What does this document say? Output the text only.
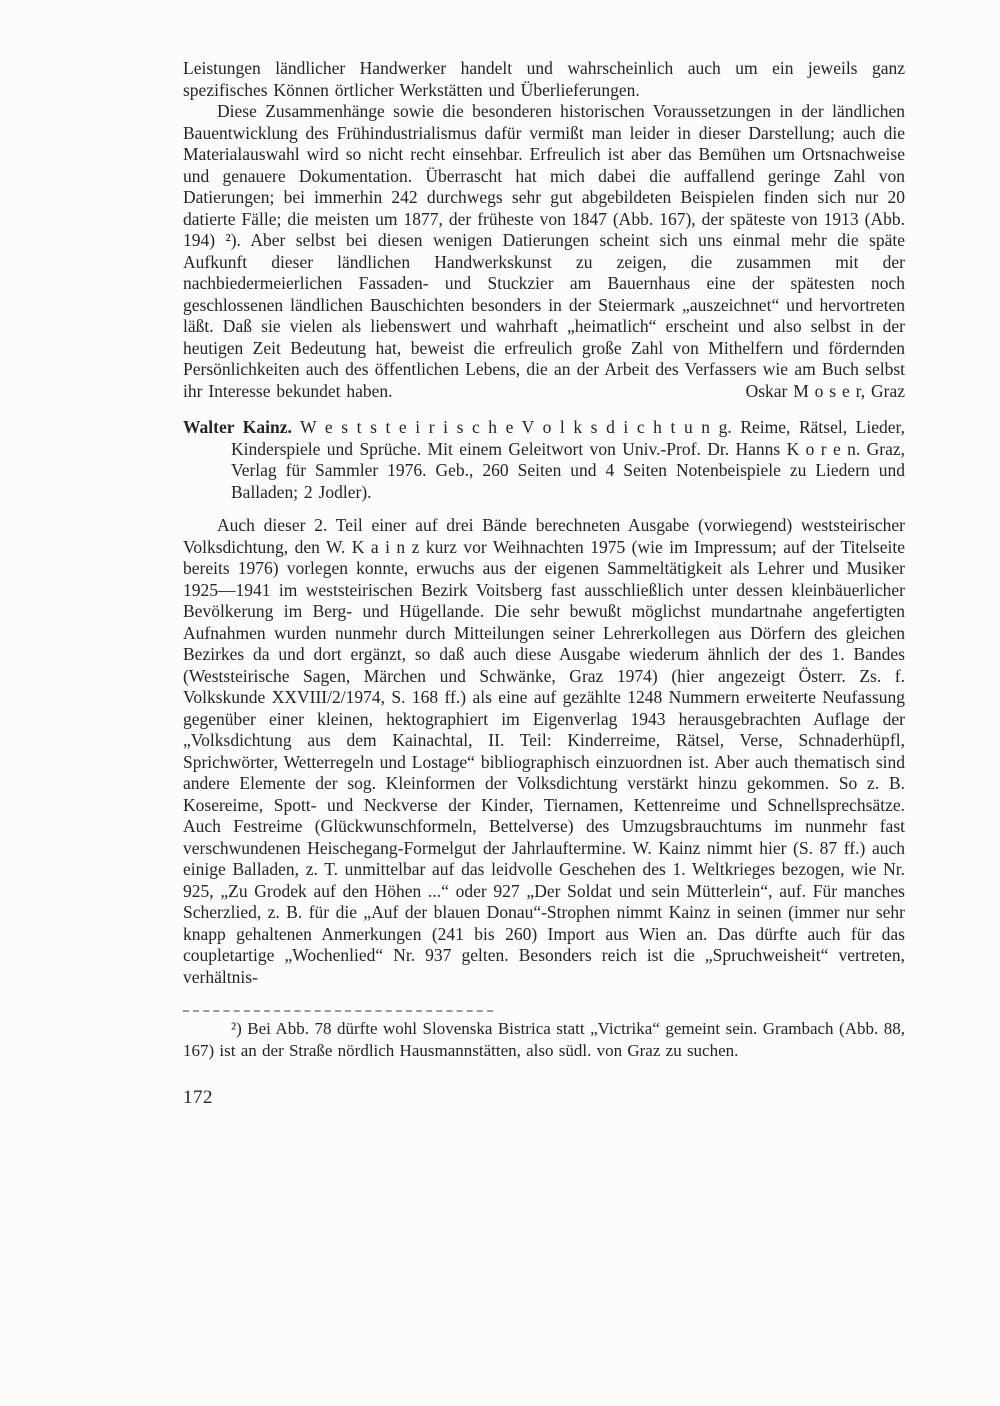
Leistungen ländlicher Handwerker handelt und wahrscheinlich auch um ein jeweils ganz spezifisches Können örtlicher Werkstätten und Überlieferungen.

Diese Zusammenhänge sowie die besonderen historischen Voraussetzungen in der ländlichen Bauentwicklung des Frühindustrialismus dafür vermißt man leider in dieser Darstellung; auch die Materialauswahl wird so nicht recht einsehbar. Erfreulich ist aber das Bemühen um Ortsnachweise und genauere Dokumentation. Überrascht hat mich dabei die auffallend geringe Zahl von Datierungen; bei immerhin 242 durchwegs sehr gut abgebildeten Beispielen finden sich nur 20 datierte Fälle; die meisten um 1877, der früheste von 1847 (Abb. 167), der späteste von 1913 (Abb. 194) ²). Aber selbst bei diesen wenigen Datierungen scheint sich uns einmal mehr die späte Aufkunft dieser ländlichen Handwerkskunst zu zeigen, die zusammen mit der nachbiedermeierlichen Fassaden- und Stuckzier am Bauernhaus eine der spätesten noch geschlossenen ländlichen Bauschichten besonders in der Steiermark „auszeichnet“ und hervortreten läßt. Daß sie vielen als liebenswert und wahrhaft „heimatlich“ erscheint und also selbst in der heutigen Zeit Bedeutung hat, beweist die erfreulich große Zahl von Mithelfern und fördernden Persönlichkeiten auch des öffentlichen Lebens, die an der Arbeit des Verfassers wie am Buch selbst ihr Interesse bekundet haben.	Oskar M o s e r, Graz

Walter Kainz. W e s t s t e i r i s c h e V o l k s d i c h t u n g. Reime, Rätsel, Lieder, Kinderspiele und Sprüche. Mit einem Geleitwort von Univ.-Prof. Dr. Hanns K o r e n. Graz, Verlag für Sammler 1976. Geb., 260 Seiten und 4 Seiten Notenbeispiele zu Liedern und Balladen; 2 Jodler).

Auch dieser 2. Teil einer auf drei Bände berechneten Ausgabe (vorwiegend) weststeirischer Volksdichtung, den W. K a i n z kurz vor Weihnachten 1975 (wie im Impressum; auf der Titelseite bereits 1976) vorlegen konnte, erwuchs aus der eigenen Sammeltätigkeit als Lehrer und Musiker 1925—1941 im weststeirischen Bezirk Voitsberg fast ausschließlich unter dessen kleinbäuerlicher Bevölkerung im Berg- und Hügellande. Die sehr bewußt möglichst mundartnahe angefertigten Aufnahmen wurden nunmehr durch Mitteilungen seiner Lehrerkollegen aus Dörfern des gleichen Bezirkes da und dort ergänzt, so daß auch diese Ausgabe wiederum ähnlich der des 1. Bandes (Weststeirische Sagen, Märchen und Schwänke, Graz 1974) (hier angezeigt Österr. Zs. f. Volkskunde XXVIII/2/1974, S. 168 ff.) als eine auf gezählte 1248 Nummern erweiterte Neufassung gegenüber einer kleinen, hektographiert im Eigenverlag 1943 herausgebrachten Auflage der „Volksdichtung aus dem Kainachtal, II. Teil: Kinderreime, Rätsel, Verse, Schnaderhüpfl, Sprichwörter, Wetterregeln und Lostage“ bibliographisch einzuordnen ist. Aber auch thematisch sind andere Elemente der sog. Kleinformen der Volksdichtung verstärkt hinzu gekommen. So z. B. Kosereime, Spott- und Neckverse der Kinder, Tiernamen, Kettenreime und Schnellsprechsätze. Auch Festreime (Glückwunschformeln, Bettelverse) des Umzugsbrauchtums im nunmehr fast verschwundenen Heischegang-Formelgut der Jahrlauftermine. W. Kainz nimmt hier (S. 87 ff.) auch einige Balladen, z. T. unmittelbar auf das leidvolle Geschehen des 1. Weltkrieges bezogen, wie Nr. 925, „Zu Grodek auf den Höhen ...“ oder 927 „Der Soldat und sein Mütterlein“, auf. Für manches Scherzlied, z. B. für die „Auf der blauen Donau“-Strophen nimmt Kainz in seinen (immer nur sehr knapp gehaltenen Anmerkungen (241 bis 260) Import aus Wien an. Das dürfte auch für das coupletartige „Wochenlied“ Nr. 937 gelten. Besonders reich ist die „Spruchweisheit“ vertreten, verhältnis-

²) Bei Abb. 78 dürfte wohl Slovenska Bistrica statt „Victrika“ gemeint sein. Grambach (Abb. 88, 167) ist an der Straße nördlich Hausmannstätten, also südl. von Graz zu suchen.

172
